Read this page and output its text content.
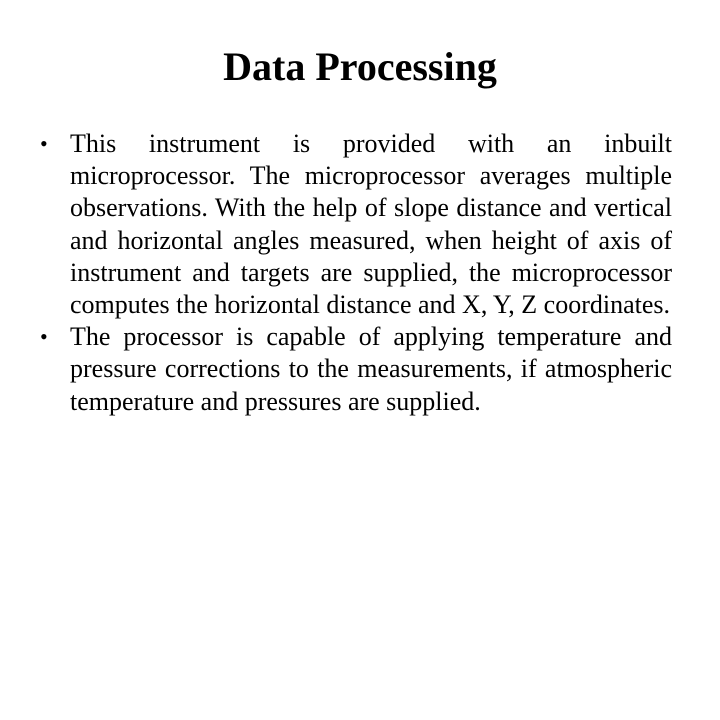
Data Processing
• This instrument is provided with an inbuilt microprocessor. The microprocessor averages multiple observations. With the help of slope distance and vertical and horizontal angles measured, when height of axis of instrument and targets are supplied, the microprocessor computes the horizontal distance and X, Y, Z coordinates.
• The processor is capable of applying temperature and pressure corrections to the measurements, if atmospheric temperature and pressures are supplied.
